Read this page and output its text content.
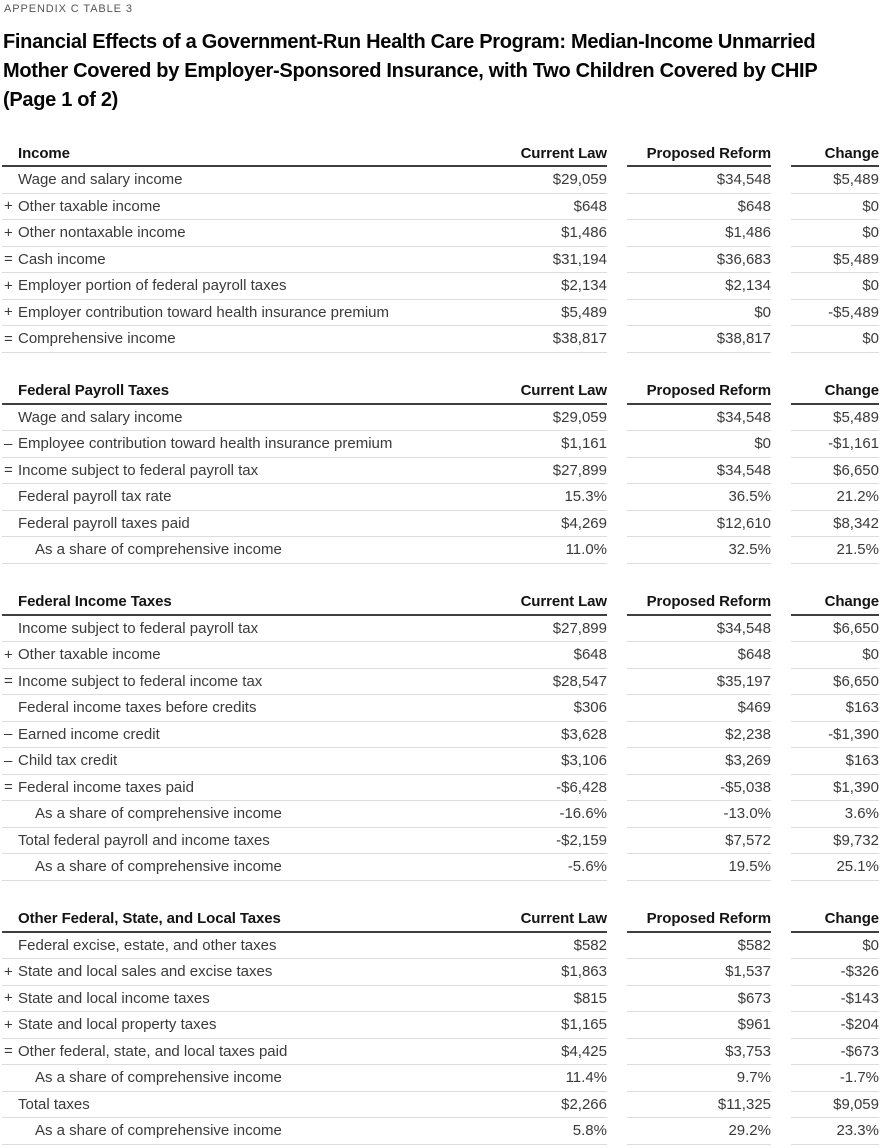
APPENDIX C TABLE 3
Financial Effects of a Government-Run Health Care Program: Median-Income Unmarried Mother Covered by Employer-Sponsored Insurance, with Two Children Covered by CHIP (Page 1 of 2)
Income	Current Law	Proposed Reform	Change
Wage and salary income	$29,059	$34,548	$5,489
+ Other taxable income	$648	$648	$0
+ Other nontaxable income	$1,486	$1,486	$0
= Cash income	$31,194	$36,683	$5,489
+ Employer portion of federal payroll taxes	$2,134	$2,134	$0
+ Employer contribution toward health insurance premium	$5,489	$0	-$5,489
= Comprehensive income	$38,817	$38,817	$0
Federal Payroll Taxes	Current Law	Proposed Reform	Change
Wage and salary income	$29,059	$34,548	$5,489
– Employee contribution toward health insurance premium	$1,161	$0	-$1,161
= Income subject to federal payroll tax	$27,899	$34,548	$6,650
Federal payroll tax rate	15.3%	36.5%	21.2%
Federal payroll taxes paid	$4,269	$12,610	$8,342
As a share of comprehensive income	11.0%	32.5%	21.5%
Federal Income Taxes	Current Law	Proposed Reform	Change
Income subject to federal payroll tax	$27,899	$34,548	$6,650
+ Other taxable income	$648	$648	$0
= Income subject to federal income tax	$28,547	$35,197	$6,650
Federal income taxes before credits	$306	$469	$163
– Earned income credit	$3,628	$2,238	-$1,390
– Child tax credit	$3,106	$3,269	$163
= Federal income taxes paid	-$6,428	-$5,038	$1,390
As a share of comprehensive income	-16.6%	-13.0%	3.6%
Total federal payroll and income taxes	-$2,159	$7,572	$9,732
As a share of comprehensive income	-5.6%	19.5%	25.1%
Other Federal, State, and Local Taxes	Current Law	Proposed Reform	Change
Federal excise, estate, and other taxes	$582	$582	$0
+ State and local sales and excise taxes	$1,863	$1,537	-$326
+ State and local income taxes	$815	$673	-$143
+ State and local property taxes	$1,165	$961	-$204
= Other federal, state, and local taxes paid	$4,425	$3,753	-$673
As a share of comprehensive income	11.4%	9.7%	-1.7%
Total taxes	$2,266	$11,325	$9,059
As a share of comprehensive income	5.8%	29.2%	23.3%
